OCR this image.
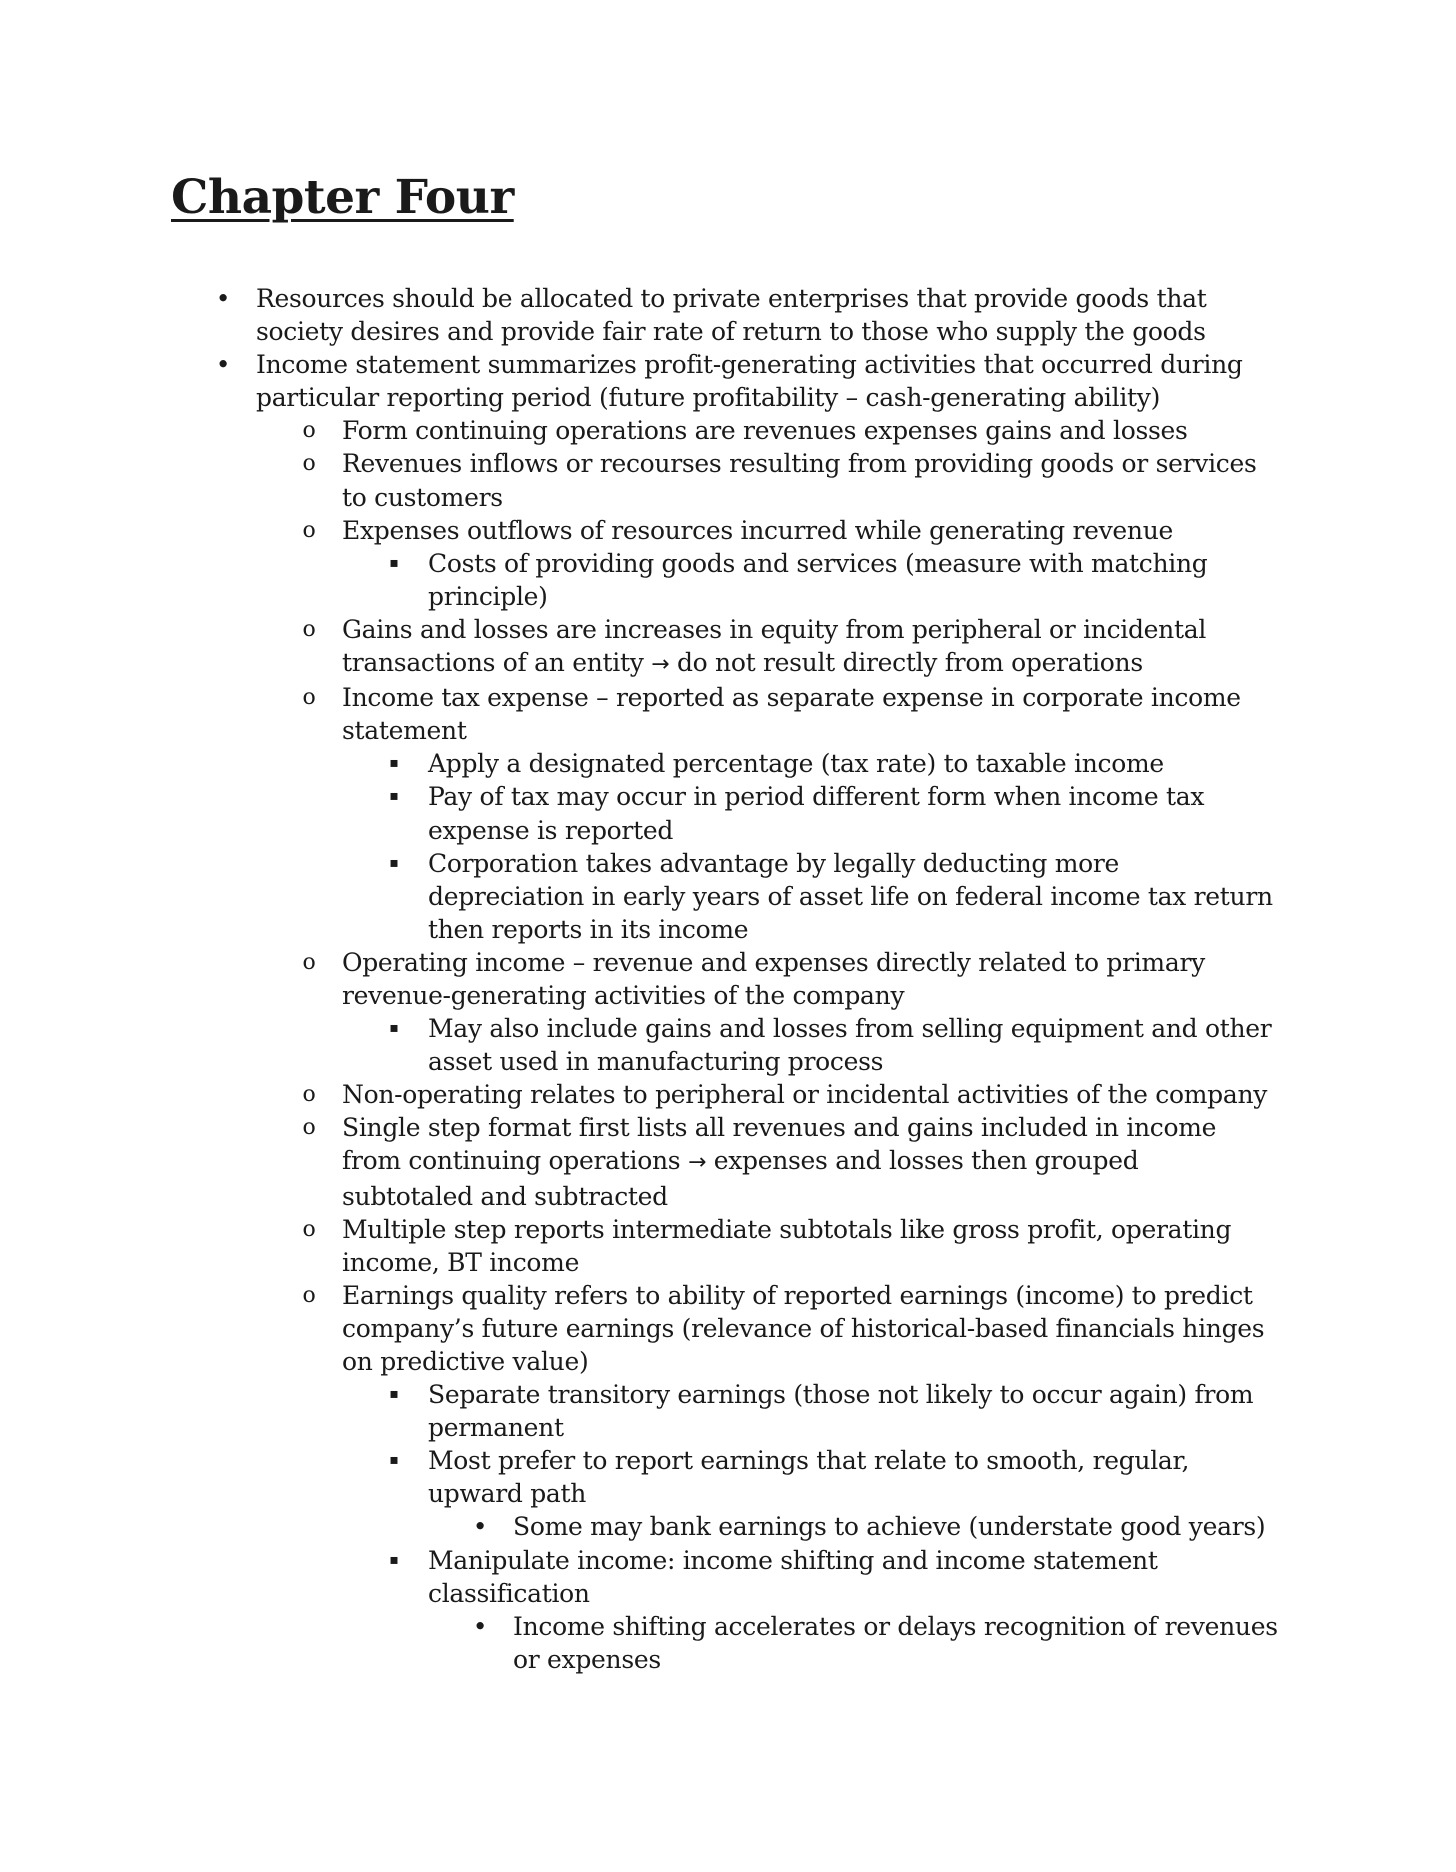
Chapter Four
•	Resources should be allocated to private enterprises that provide goods that society desires and provide fair rate of return to those who supply the goods
•	Income statement summarizes profit-generating activities that occurred during particular reporting period (future profitability – cash-generating ability)
o	Form continuing operations are revenues expenses gains and losses
o	Revenues inflows or recourses resulting from providing goods or services to customers
o	Expenses outflows of resources incurred while generating revenue
▪	Costs of providing goods and services (measure with matching principle)
o	Gains and losses are increases in equity from peripheral or incidental transactions of an entity → do not result directly from operations
o	Income tax expense – reported as separate expense in corporate income statement
▪	Apply a designated percentage (tax rate) to taxable income
▪	Pay of tax may occur in period different form when income tax expense is reported
▪	Corporation takes advantage by legally deducting more depreciation in early years of asset life on federal income tax return then reports in its income
o	Operating income – revenue and expenses directly related to primary revenue-generating activities of the company
▪	May also include gains and losses from selling equipment and other asset used in manufacturing process
o	Non-operating relates to peripheral or incidental activities of the company
o	Single step format first lists all revenues and gains included in income from continuing operations → expenses and losses then grouped subtotaled and subtracted
o	Multiple step reports intermediate subtotals like gross profit, operating income, BT income
o	Earnings quality refers to ability of reported earnings (income) to predict company’s future earnings (relevance of historical-based financials hinges on predictive value)
▪	Separate transitory earnings (those not likely to occur again) from permanent
▪	Most prefer to report earnings that relate to smooth, regular, upward path
•	Some may bank earnings to achieve (understate good years)
▪	Manipulate income: income shifting and income statement classification
•	Income shifting accelerates or delays recognition of revenues or expenses
